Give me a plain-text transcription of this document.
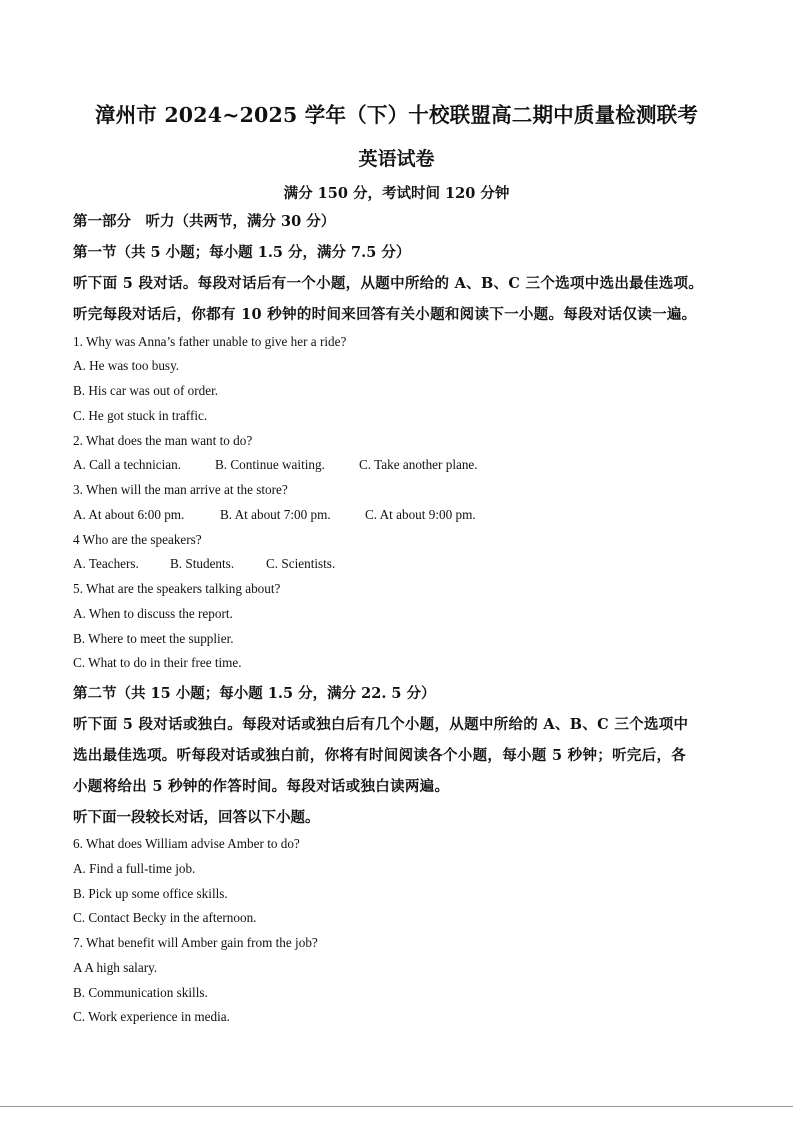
漳州市 2024~2025 学年（下）十校联盟高二期中质量检测联考
英语试卷
满分 150 分，考试时间 120 分钟
第一部分　听力（共两节，满分 30 分）
第一节（共 5 小题；每小题 1.5 分，满分 7.5 分）
听下面 5 段对话。每段对话后有一个小题，从题中所给的 A、B、C 三个选项中选出最佳选项。
听完每段对话后，你都有 10 秒钟的时间来回答有关小题和阅读下一小题。每段对话仅读一遍。
1. Why was Anna’s father unable to give her a ride?
A. He was too busy.
B. His car was out of order.
C. He got stuck in traffic.
2. What does the man want to do?
A. Call a technician.	B. Continue waiting.	C. Take another plane.
3. When will the man arrive at the store?
A. At about 6:00 pm.	B. At about 7:00 pm.	C. At about 9:00 pm.
4 Who are the speakers?
A. Teachers. B. Students. C. Scientists.
5. What are the speakers talking about?
A. When to discuss the report.
B. Where to meet the supplier.
C. What to do in their free time.
第二节（共 15 小题；每小题 1.5 分，满分 22. 5 分）
听下面 5 段对话或独白。每段对话或独白后有几个小题，从题中所给的 A、B、C 三个选项中
选出最佳选项。听每段对话或独白前，你将有时间阅读各个小题，每小题 5 秒钟；听完后，各
小题将给出 5 秒钟的作答时间。每段对话或独白读两遍。
听下面一段较长对话，回答以下小题。
6. What does William advise Amber to do?
A. Find a full-time job.
B. Pick up some office skills.
C. Contact Becky in the afternoon.
7. What benefit will Amber gain from the job?
A A high salary.
B. Communication skills.
C. Work experience in media.
